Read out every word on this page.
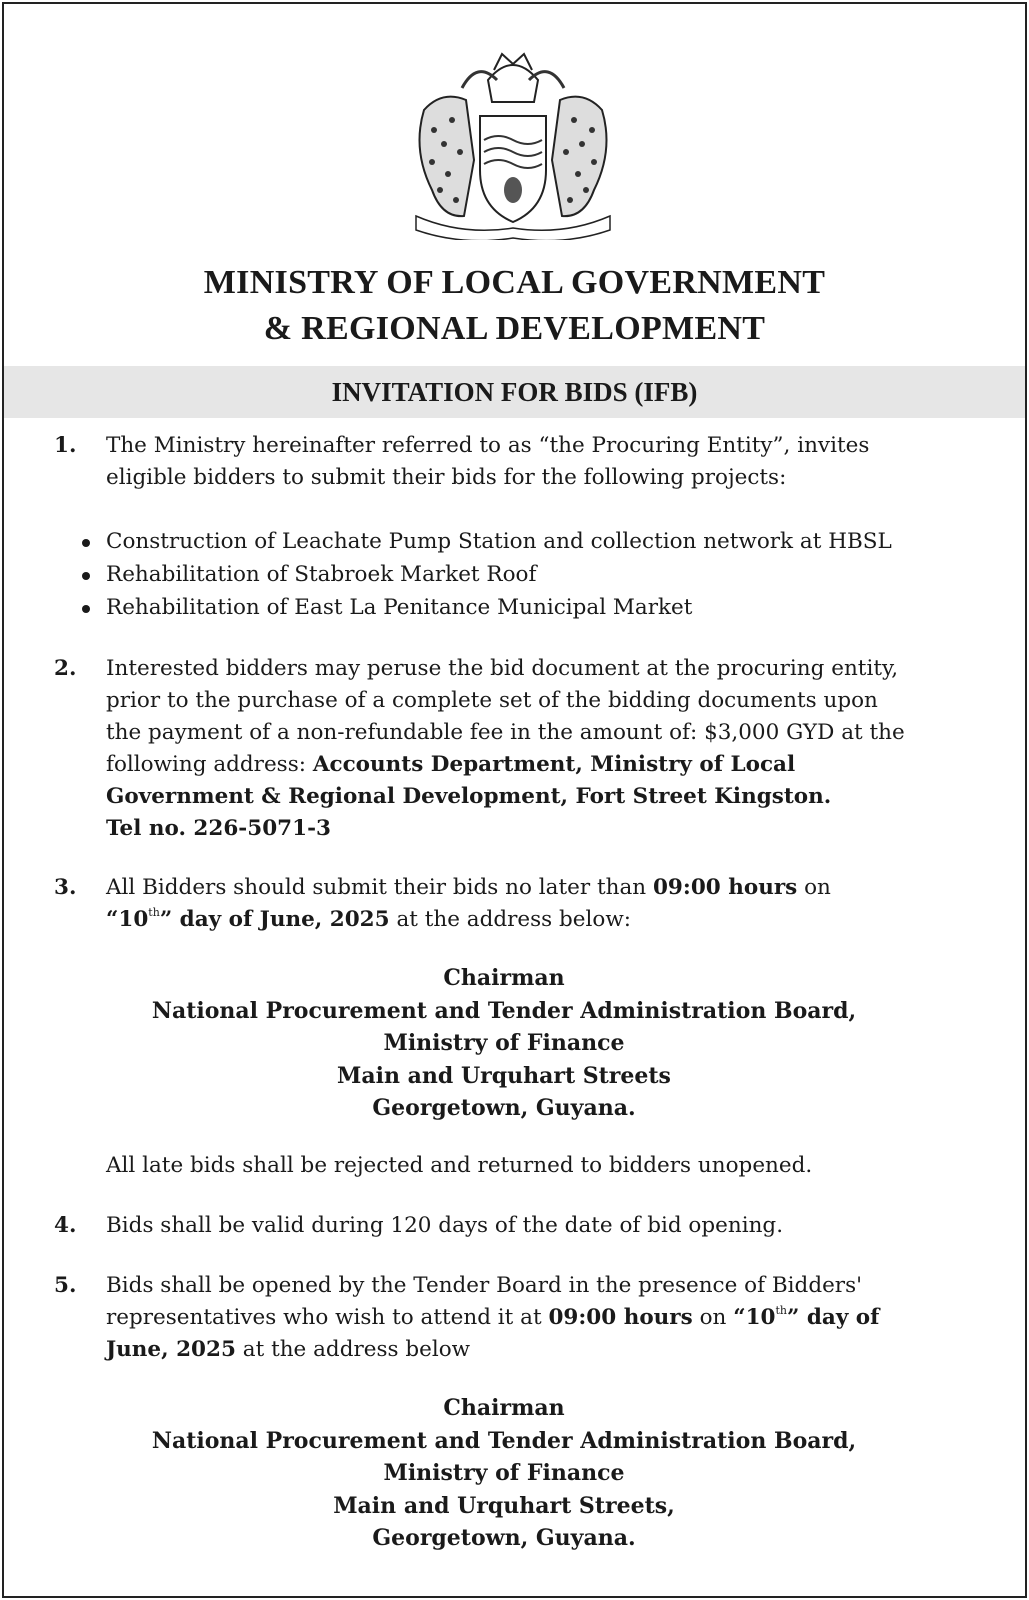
MINISTRY OF LOCAL GOVERNMENT
& REGIONAL DEVELOPMENT
INVITATION FOR BIDS (IFB)
1. The Ministry hereinafter referred to as “the Procuring Entity”, invites
eligible bidders to submit their bids for the following projects:
Construction of Leachate Pump Station and collection network at HBSL
Rehabilitation of Stabroek Market Roof
Rehabilitation of East La Penitance Municipal Market
2. Interested bidders may peruse the bid document at the procuring entity,
prior to the purchase of a complete set of the bidding documents upon
the payment of a non-refundable fee in the amount of: $3,000 GYD at the
following address: Accounts Department, Ministry of Local
Government & Regional Development, Fort Street Kingston.
Tel no. 226-5071-3
3. All Bidders should submit their bids no later than 09:00 hours on
“10th” day of June, 2025 at the address below:
Chairman
National Procurement and Tender Administration Board,
Ministry of Finance
Main and Urquhart Streets
Georgetown, Guyana.
All late bids shall be rejected and returned to bidders unopened.
4. Bids shall be valid during 120 days of the date of bid opening.
5. Bids shall be opened by the Tender Board in the presence of Bidders'
representatives who wish to attend it at 09:00 hours on “10th” day of
June, 2025 at the address below
Chairman
National Procurement and Tender Administration Board,
Ministry of Finance
Main and Urquhart Streets,
Georgetown, Guyana.
